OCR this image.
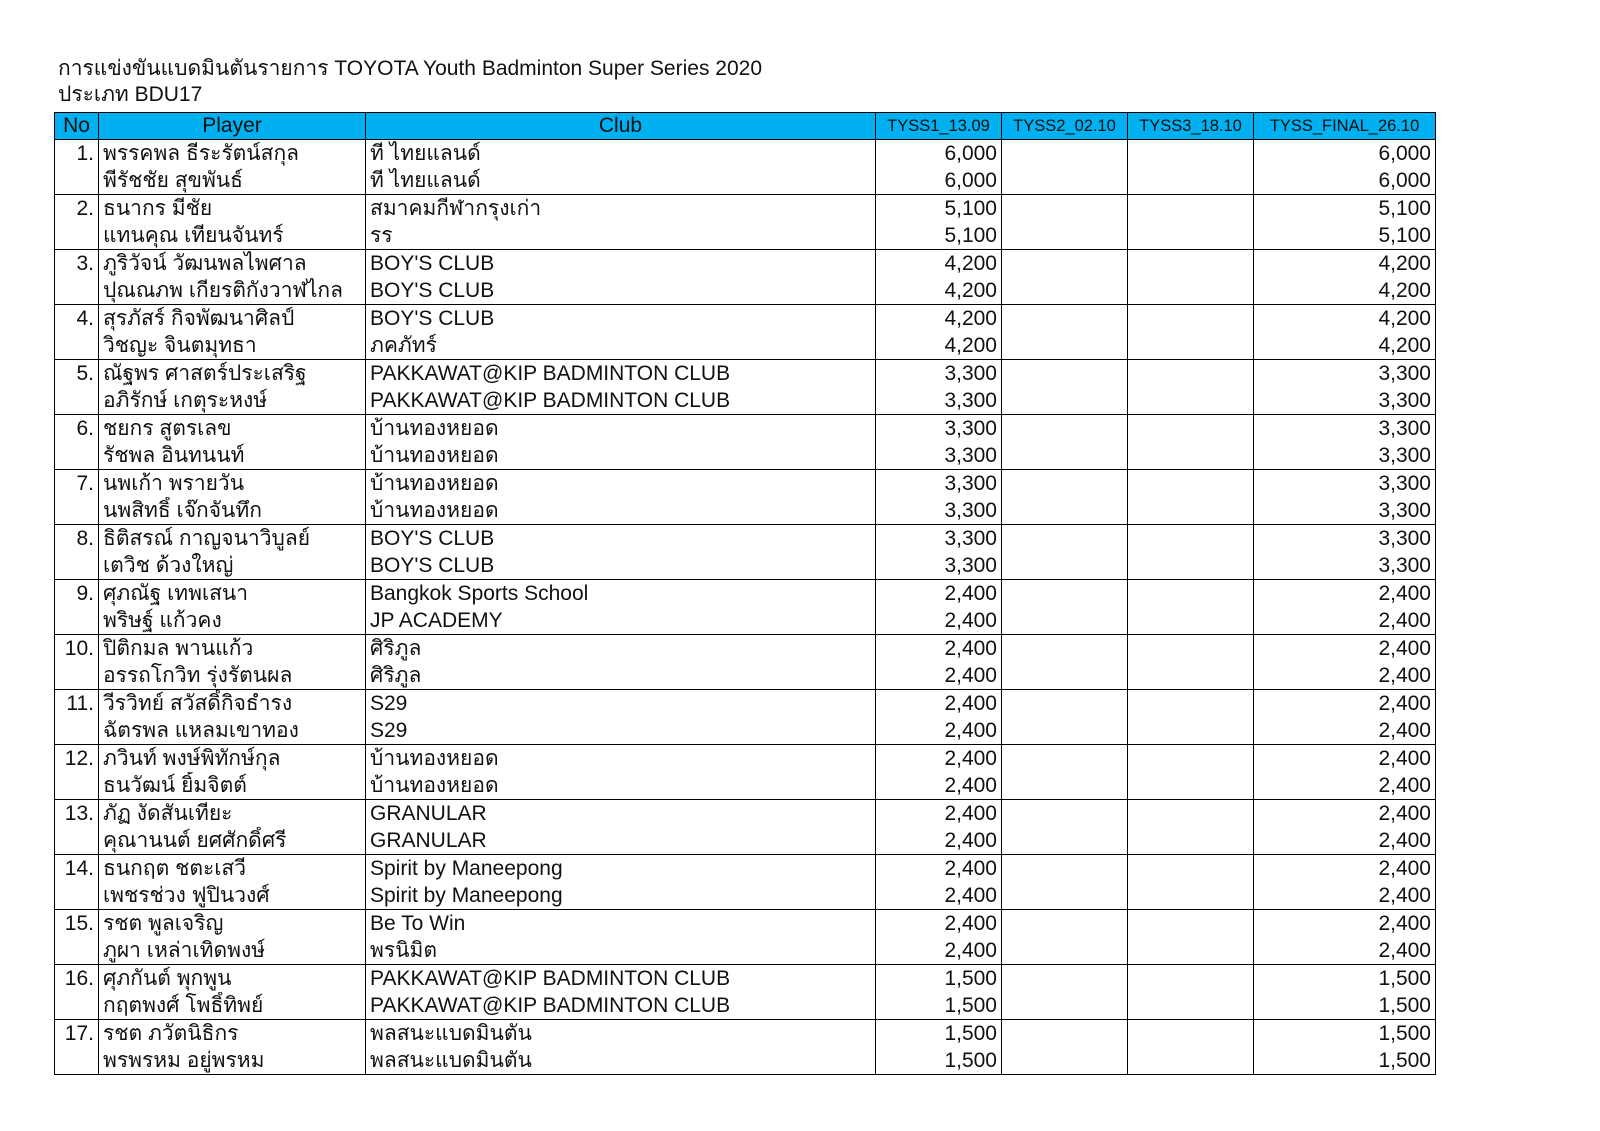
การแข่งขันแบดมินตันรายการ TOYOTA Youth Badminton Super Series 2020
ประเภท BDU17
No	Player	Club	TYSS1_13.09	TYSS2_02.10	TYSS3_18.10	TYSS_FINAL_26.10
1.	พรรคพล ธีระรัตน์สกุล	ที ไทยแลนด์	6,000			6,000
	พีรัชชัย สุขพันธ์	ที ไทยแลนด์	6,000			6,000
2.	ธนากร มีชัย	สมาคมกีฬากรุงเก่า	5,100			5,100
	แทนคุณ เทียนจันทร์	รร	5,100			5,100
3.	ภูริวัจน์ วัฒนพลไพศาล	BOY'S CLUB	4,200			4,200
	ปุณณภพ เกียรติกังวาฬไกล	BOY'S CLUB	4,200			4,200
4.	สุรภัสร์ กิจพัฒนาศิลป์	BOY'S CLUB	4,200			4,200
	วิชญะ จินตมุทธา	ภคภัทร์	4,200			4,200
5.	ณัฐพร ศาสตร์ประเสริฐ	PAKKAWAT@KIP BADMINTON CLUB	3,300			3,300
	อภิรักษ์ เกตุระหงษ์	PAKKAWAT@KIP BADMINTON CLUB	3,300			3,300
6.	ชยกร สูตรเลข	บ้านทองหยอด	3,300			3,300
	รัชพล อินทนนท์	บ้านทองหยอด	3,300			3,300
7.	นพเก้า พรายวัน	บ้านทองหยอด	3,300			3,300
	นพสิทธิ์ เจ๊กจันทึก	บ้านทองหยอด	3,300			3,300
8.	ธิติสรณ์ กาญจนาวิบูลย์	BOY'S CLUB	3,300			3,300
	เตวิช ด้วงใหญ่	BOY'S CLUB	3,300			3,300
9.	ศุภณัฐ เทพเสนา	Bangkok Sports School	2,400			2,400
	พริษฐ์ แก้วคง	JP ACADEMY	2,400			2,400
10.	ปิติกมล พานแก้ว	ศิริภูล	2,400			2,400
	อรรถโกวิท รุ่งรัตนผล	ศิริภูล	2,400			2,400
11.	วีรวิทย์ สวัสดิ์กิจธำรง	S29	2,400			2,400
	ฉัตรพล แหลมเขาทอง	S29	2,400			2,400
12.	ภวินท์ พงษ์พิทักษ์กุล	บ้านทองหยอด	2,400			2,400
	ธนวัฒน์ ยิ้มจิตต์	บ้านทองหยอด	2,400			2,400
13.	ภัฏ งัดสันเทียะ	GRANULAR	2,400			2,400
	คุณานนต์ ยศศักดิ์ศรี	GRANULAR	2,400			2,400
14.	ธนกฤต ชตะเสวี	Spirit by Maneepong	2,400			2,400
	เพชรช่วง ฟูปินวงศ์	Spirit by Maneepong	2,400			2,400
15.	รชต พูลเจริญ	Be To Win	2,400			2,400
	ภูผา เหล่าเทิดพงษ์	พรนิมิต	2,400			2,400
16.	ศุภกันต์ พุกพูน	PAKKAWAT@KIP BADMINTON CLUB	1,500			1,500
	กฤตพงศ์ โพธิ์ทิพย์	PAKKAWAT@KIP BADMINTON CLUB	1,500			1,500
17.	รชต ภวัตนิธิกร	พลสนะแบดมินตัน	1,500			1,500
	พรพรหม อยู่พรหม	พลสนะแบดมินตัน	1,500			1,500
